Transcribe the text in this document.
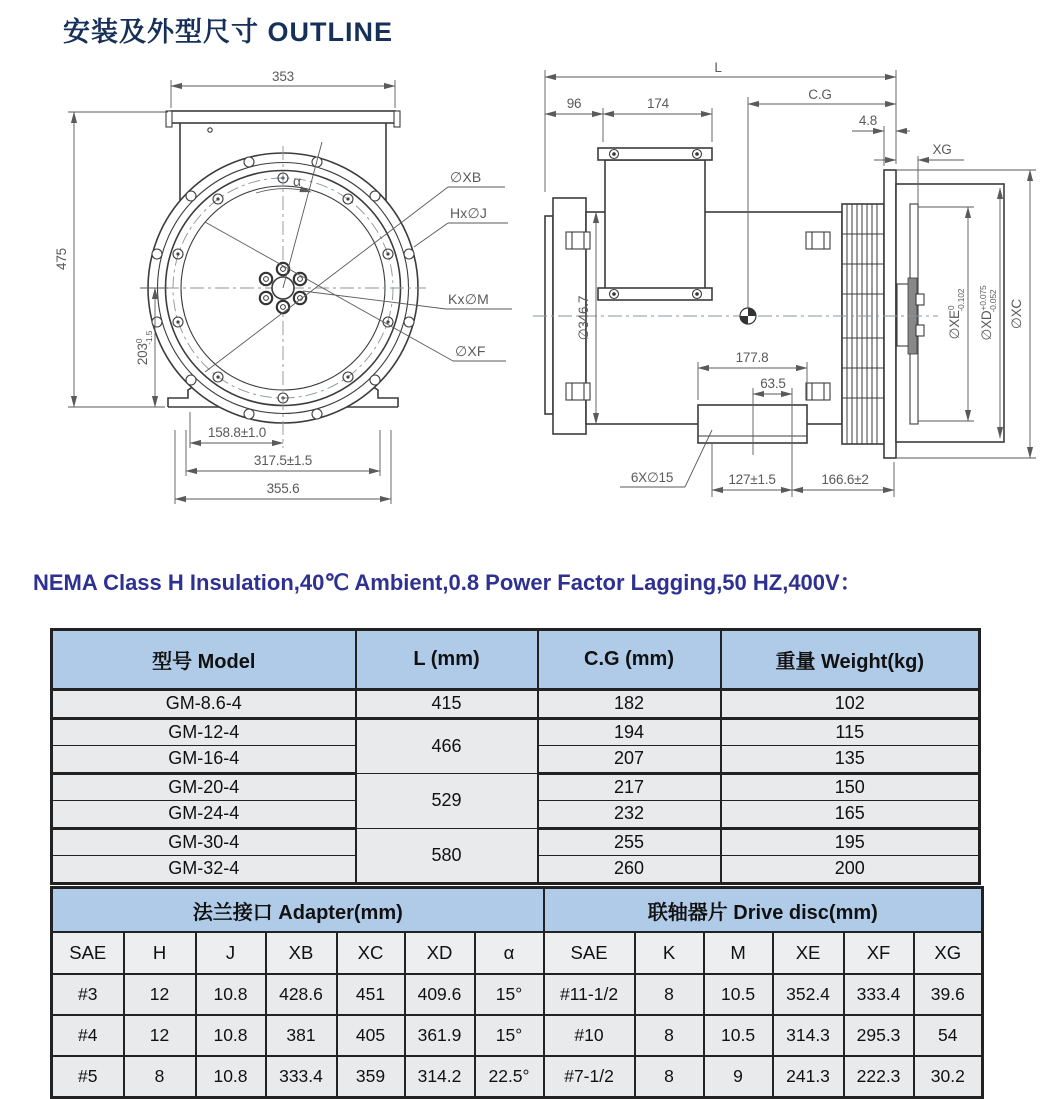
安装及外型尺寸 OUTLINE
α	∅XB
Hx∅J
Kx∅M
∅XF
353
475
$203^0-1.5$
158.8±1.0
317.5±1.5
355.6
L
C.G
96	174
4.8
XG
∅346.7
177.8
63.5
6X∅15	127±1.5	166.6±2
$\emptyset XE^0-0.102$
$\emptyset XD^{+0.075}-0.052$ ∅XC
NEMA Class H Insulation,40℃ Ambient,0.8 Power Factor Lagging,50 HZ,400V：
型号 Model	L (mm)	C.G (mm)	重量 Weight(kg)
GM-8.6-4	415	182	102
GM-12-4	466	194	115
GM-16-4		207	135
GM-20-4	529	217	150
GM-24-4		232	165
GM-30-4	580	255	195
GM-32-4		260	200
法兰接口 Adapter(mm)							联轴器片 Drive disc(mm)					
SAE	H	J	XB	XC	XD	α	SAE	K	M	XE	XF	XG
#3	12	10.8	428.6	451	409.6	15°	#11-1/2	8	10.5	352.4	333.4	39.6
#4	12	10.8	381	405	361.9	15°	#10	8	10.5	314.3	295.3	54
#5	8	10.8	333.4	359	314.2	22.5°	#7-1/2	8	9	241.3	222.3	30.2
